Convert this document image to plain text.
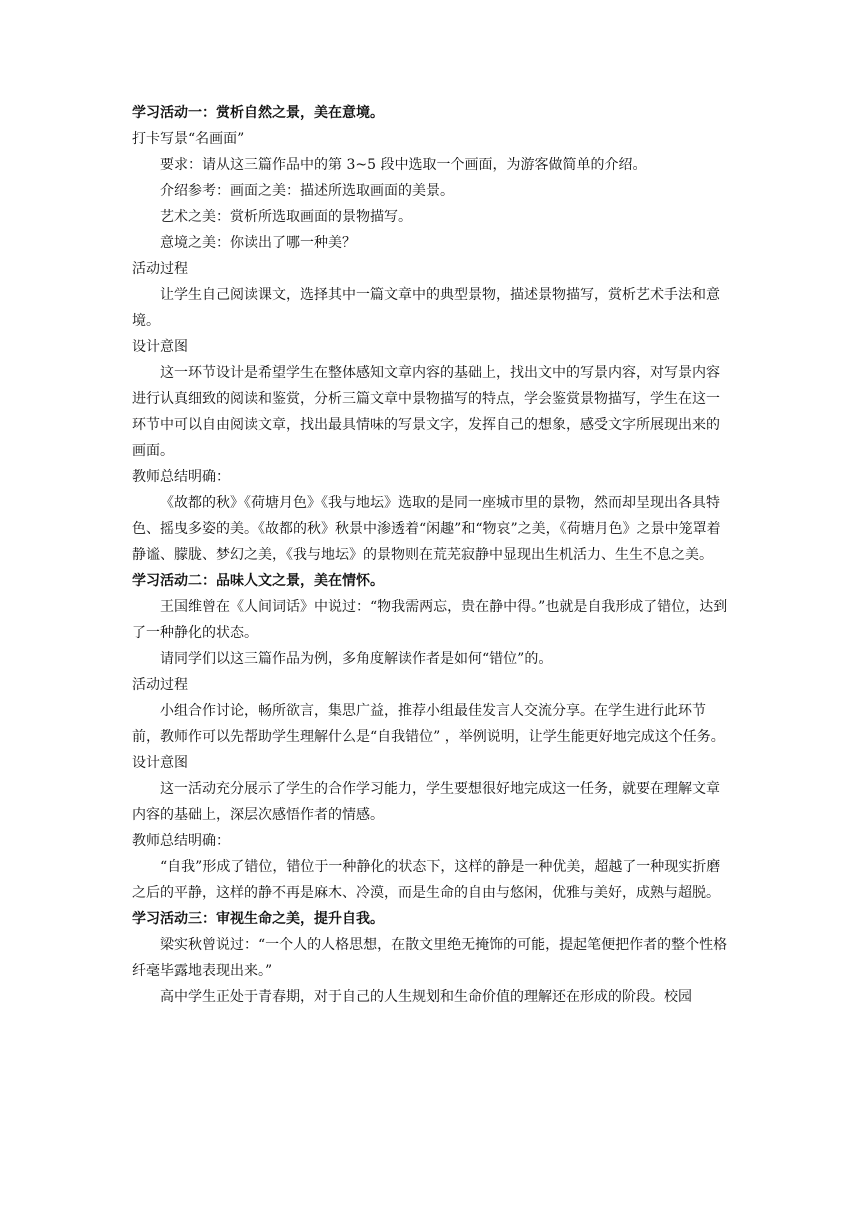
学习活动一：赏析自然之景，美在意境。

打卡写景“名画面”

要求：请从这三篇作品中的第 3~5 段中选取一个画面，为游客做简单的介绍。

介绍参考：画面之美：描述所选取画面的美景。

艺术之美：赏析所选取画面的景物描写。

意境之美：你读出了哪一种美？

活动过程

让学生自己阅读课文，选择其中一篇文章中的典型景物，描述景物描写，赏析艺术手法和意境。

设计意图

这一环节设计是希望学生在整体感知文章内容的基础上，找出文中的写景内容，对写景内容进行认真细致的阅读和鉴赏，分析三篇文章中景物描写的特点，学会鉴赏景物描写，学生在这一环节中可以自由阅读文章，找出最具情味的写景文字，发挥自己的想象，感受文字所展现出来的画面。

教师总结明确：

《故都的秋》《荷塘月色》《我与地坛》选取的是同一座城市里的景物，然而却呈现出各具特色、摇曳多姿的美。《故都的秋》秋景中渗透着“闲趣”和“物哀”之美，《荷塘月色》之景中笼罩着静谧、朦胧、梦幻之美，《我与地坛》的景物则在荒芜寂静中显现出生机活力、生生不息之美。

学习活动二：品味人文之景，美在情怀。

王国维曾在《人间词话》中说过：“物我需两忘，贵在静中得。”也就是自我形成了错位，达到了一种静化的状态。

请同学们以这三篇作品为例，多角度解读作者是如何“错位”的。

活动过程

小组合作讨论，畅所欲言，集思广益，推荐小组最佳发言人交流分享。在学生进行此环节前，教师作可以先帮助学生理解什么是“自我错位” ，举例说明，让学生能更好地完成这个任务。

设计意图

这一活动充分展示了学生的合作学习能力，学生要想很好地完成这一任务，就要在理解文章内容的基础上，深层次感悟作者的情感。

教师总结明确：

“自我”形成了错位，错位于一种静化的状态下，这样的静是一种优美，超越了一种现实折磨之后的平静，这样的静不再是麻木、冷漠，而是生命的自由与悠闲，优雅与美好，成熟与超脱。

学习活动三：审视生命之美，提升自我。

梁实秋曾说过：“一个人的人格思想，在散文里绝无掩饰的可能，提起笔便把作者的整个性格纤毫毕露地表现出来。”

高中学生正处于青春期，对于自己的人生规划和生命价值的理解还在形成的阶段。校园
